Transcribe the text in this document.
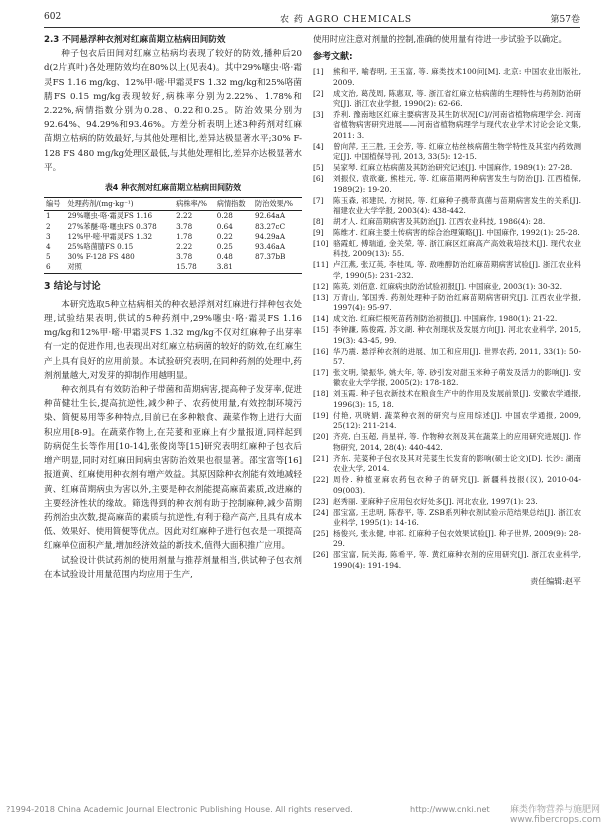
602	农 药 AGRO CHEMICALS	第57卷
2.3 不同悬浮种衣剂对红麻苗期立枯病田间防效

种子包衣后田间对红麻立枯病均表现了较好的防效,播种后20 d(2片真叶)各处理防效均在80%以上(见表4)。其中29%噻虫·咯·霜灵FS 1.16 mg/kg、12%甲·嘧·甲霜灵FS 1.32 mg/kg和25%咯菌腈FS 0.15 mg/kg表现较好,病株率分别为2.22%、1.78%和2.22%,病情指数分别为0.28、0.22和0.25。防治效果分别为92.64%、94.29%和93.46%。方差分析表明上述3种药剂对红麻苗期立枯病的防效最好,与其他处理相比,差异达极显著水平;30% F-128 FS 480 mg/kg处理区最低,与其他处理相比,差异亦达极显著水平。

表4 种衣剂对红麻苗期立枯病田间防效
编号	处理药剂/(mg·kg⁻¹)	病株率/%	病情指数	防治效果/%
1	29%噻虫·咯·霜灵FS 1.16	2.22	0.28	92.64aA
2	27%苯醚·咯·噻虫FS 0.378	3.78	0.64	83.27cC
3	12%甲·嘧·甲霜灵FS 1.32	1.78	0.22	94.29aA
4	25%咯菌腈FS 0.15	2.22	0.25	93.46aA
5	30% F-128 FS 480	3.78	0.48	87.37bB
6	对照	15.78	3.81	
3 结论与讨论

本研究选取5种立枯病相关的种衣悬浮剂对红麻进行拌种包衣处理,试验结果表明,供试的5种药剂中,29%噻虫·咯·霜灵FS 1.16 mg/kg和12%甲·嘧·甲霜灵FS 1.32 mg/kg不仅对红麻种子出芽率有一定的促进作用,也表现出对红麻立枯病菌的较好的防效,在红麻生产上具有良好的应用前景。本试验研究表明,在同种药剂的处理中,药剂剂量越大,对发芽的抑制作用越明显。

种衣剂具有有效防治种子带菌和苗期病害,提高种子发芽率,促进种苗健壮生长,提高抗逆性,减少种子、农药使用量,有效控制环境污染、简便易用等多种特点,目前已在多种粮食、蔬菜作物上进行大面积应用[8-9]。在蔬菜作物上,在芫荽和亚麻上有少量报道,同样起到防病促生长等作用[10-14],张俊岗等[15]研究表明红麻种子包衣后增产明显,同时对红麻田间病虫害防治效果也很显著。邵宝富等[16]报道黄、红麻使用种衣剂有增产效益。其原因除种衣剂能有效地减轻黄、红麻苗期病虫为害以外,主要是种衣剂能提高麻苗素质,改进麻的主要经济性状的缘故。筛选得到的种衣剂有助于控制麻种,减少苗期药剂治虫次数,提高麻苗的素质与抗逆性,有利于稳产高产,且具有成本低、效果好、使用简便等优点。因此对红麻种子进行包衣是一项提高红麻单位面积产量,增加经济效益的新技术,值得大面积推广应用。

试验设计供试药剂的使用剂量与推荐剂量相当,供试种子包衣剂在本试验设计用量范围内均应用于生产,

使用时应注意对剂量的控制,准确的使用量有待进一步试验予以确定。

参考文献:
[1]	熊和平, 喻春明, 王玉富, 等. 麻类技术100问[M]. 北京: 中国农业出版社, 2009.
[2]	成文治, 葛茂周, 陈惠双, 等. 浙江省红麻立枯病菌的生理特性与药剂防治研究[J]. 浙江农业学报, 1990(2): 62-66.
[3]	乔利. 豫南地区红麻主要病害及其生防状况[C]//河南省植物病理学会. 河南省植物病害研究进展——河南省植物病理学与现代农业学术讨论会论文集, 2011: 3.
[4]	曾向萍, 王三胜, 王会芳, 等. 红麻立枯丝核病菌生物学特性及其室内药效测定[J]. 中国植保导刊, 2013, 33(5): 12-15.
[5]	吴家琴. 红麻立枯病菌及其防治研究记述[J]. 中国麻作, 1989(1): 27-28.
[6]	刘振仪, 袁欲豪, 熊桂元, 等. 红麻苗期两种病害发生与防治[J]. 江西植保, 1989(2): 19-20.
[7]	陈玉森, 祁建民, 方树民, 等. 红麻种子携带真菌与苗期病害发生的关系[J]. 福建农业大学学报, 2003(4): 438-442.
[8]	胡才人. 红麻苗期病害及其防治[J]. 江西农业科技, 1986(4): 28.
[9]	陈维才. 红麻主要土传病害的综合治理策略[J]. 中国麻作, 1992(1): 25-28.
[10] 骆霞虹, 傅瑞道, 金关荣, 等. 浙江麻区红麻高产高效栽培技术[J]. 现代农业科技, 2009(13): 55.
[11] 卢江燕, 张辽英, 李桂凤, 等. 敌唑醇防治红麻苗期病害试验[J]. 浙江农业科学, 1990(5): 231-232.
[12] 陈英, 刘佰意. 红麻病虫防治试验初报[J]. 中国麻业, 2003(1): 30-32.
[13] 万青山, 邹国秀. 药剂处理种子防治红麻苗期病害研究[J]. 江西农业学报, 1997(4): 95-97.
[14] 成文治. 红麻烂根死苗药剂防治初报[J]. 中国麻作, 1980(1): 21-22.
[15] 李钟濂, 陈俊霞, 苏文湖. 种衣剂现状及发展方向[J]. 河北农业科学, 2015, 19(3): 43-45, 99.
[16] 华乃震. 悬浮种衣剂的进展、加工和应用[J]. 世界农药, 2011, 33(1): 50-57.
[17] 张文明, 梁振华, 姚大年, 等. 砂引发对甜玉米种子萌发及活力的影响[J]. 安徽农业大学学报, 2005(2): 178-182.
[18] 刘玉霞. 种子包衣新技术在粮食生产中的作用及发展前景[J]. 安徽农学通报, 1996(3): 15, 18.
[19] 付艳, 巩晓娟. 蔬菜种衣剂的研究与应用综述[J]. 中国农学通报, 2009, 25(12): 211-214.
[20] 齐亮, 白玉超, 肖星祥, 等. 作物种衣剂及其在蔬菜上的应用研究进展[J]. 作物研究, 2014, 28(4): 440-442.
[21] 齐东. 芫荽种子包衣及其对芫荽生长发育的影响(硕士论文)[D]. 长沙: 湖南农业大学, 2014.
[22] 周伶. 种植亚麻农药包衣种子的研究[J]. 新疆科技报(汉), 2010-04-09(003).
[23] 赵秀丽. 亚麻种子应用包衣好处多[J]. 河北农业, 1997(1): 23.
[24] 邵宝富, 王忠明, 陈春平, 等. ZSB系列种衣剂试验示范结果总结[J]. 浙江农业科学, 1995(1): 14-16.
[25] 杨俊兴, 张永健, 申祁. 红麻种子包衣效果试验[J]. 种子世界, 2009(9): 28-29.
[26] 邵宝富, 阮关海, 陈希平, 等. 黄红麻种衣剂的应用研究[J]. 浙江农业科学, 1990(4): 191-194.
责任编辑:赵平
?1994-2018 China Academic Journal Electronic Publishing House. All rights reserved.	http://www.cnki.net 麻类作物营养与施肥网 www.fibercrops.com
